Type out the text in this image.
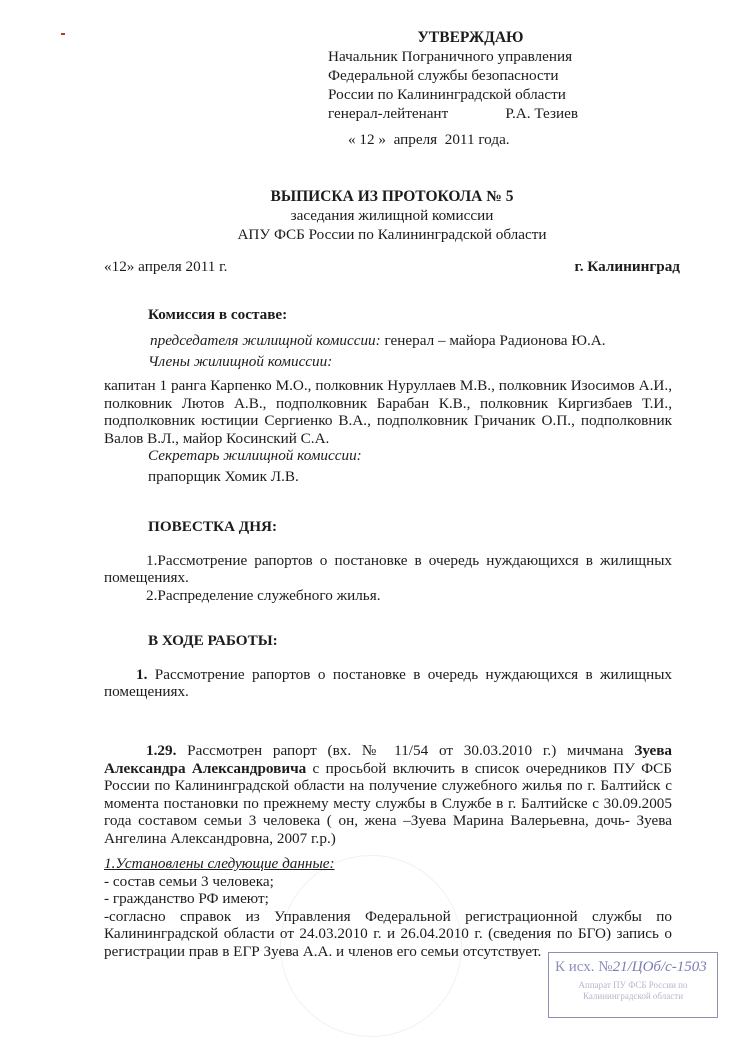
УТВЕРЖДАЮ
Начальник Пограничного управления
Федеральной службы безопасности
России по Калининградской области
генерал-лейтенант	Р.А. Тезиев
« 12 »  апреля  2011 года.
ВЫПИСКА ИЗ ПРОТОКОЛА № 5
заседания жилищной комиссии
АПУ ФСБ России по Калининградской области
«12» апреля 2011 г.	г. Калининград

Комиссия в составе:

председателя жилищной комиссии: генерал – майора Радионова Ю.А.

Члены жилищной комиссии:

капитан 1 ранга Карпенко М.О., полковник Нуруллаев М.В., полковник Изосимов А.И., полковник Лютов А.В., подполковник Барабан К.В., полковник Киргизбаев Т.И., подполковник юстиции Сергиенко В.А., подполковник Гричаник О.П., подполковник Валов В.Л., майор Косинский С.А.

Секретарь жилищной комиссии:

прапорщик Хомик Л.В.

ПОВЕСТКА ДНЯ:

1.Рассмотрение рапортов о постановке в очередь нуждающихся в жилищных помещениях.

2.Распределение служебного жилья.

В ХОДЕ РАБОТЫ:

1. Рассмотрение рапортов о постановке в очередь нуждающихся в жилищных помещениях.

1.29. Рассмотрен рапорт (вх. № 11/54 от 30.03.2010 г.) мичмана Зуева Александра Александровича с просьбой включить в список очередников ПУ ФСБ России по Калининградской области на получение служебного жилья по г. Балтийск с момента постановки по прежнему месту службы в Службе в г. Балтийске с 30.09.2005 года составом семьи 3 человека ( он, жена –Зуева Марина Валерьевна, дочь- Зуева Ангелина Александровна, 2007 г.р.)

1.Установлены следующие данные:

- состав семьи 3 человека;

- гражданство РФ имеют;

-согласно справок из Управления Федеральной регистрационной службы по Калининградской области от 24.03.2010 г. и 26.04.2010 г. (сведения по БГО) запись о регистрации прав в ЕГР Зуева А.А. и членов его семьи отсутствует.

К исх. №21/ЦОб/с-1503
Аппарат ПУ ФСБ России по Калининградской области
